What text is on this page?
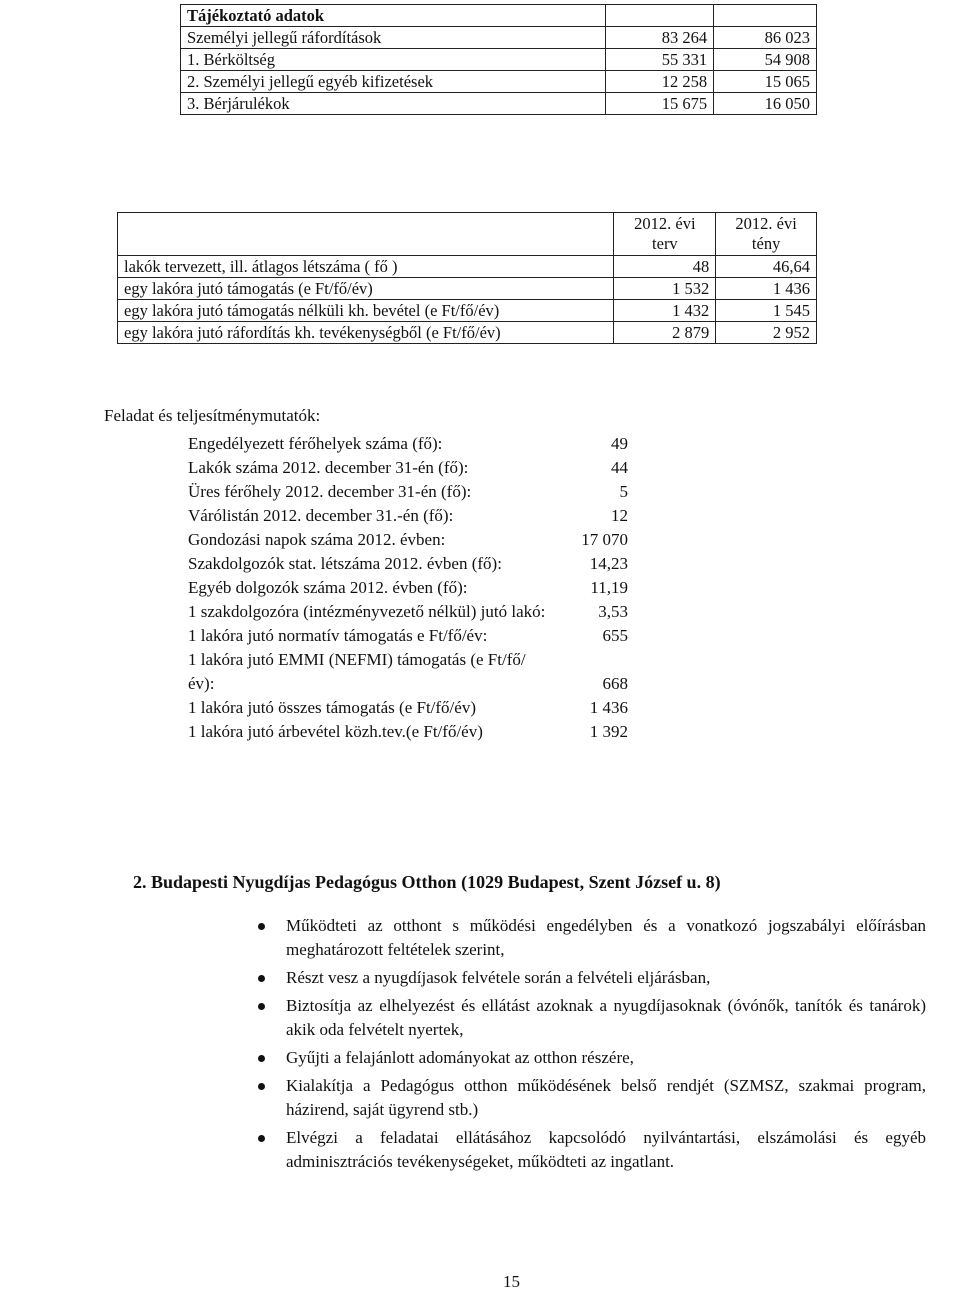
Tájékoztató adatok		
Személyi jellegű ráfordítások	83 264	86 023
1. Bérköltség	55 331	54 908
2. Személyi jellegű egyéb kifizetések	12 258	15 065
3. Bérjárulékok	15 675	16 050
	2012. évi terv	2012. évi tény
lakók tervezett, ill. átlagos létszáma ( fő )	48	46,64
egy lakóra jutó támogatás (e Ft/fő/év)	1 532	1 436
egy lakóra jutó támogatás nélküli kh. bevétel (e Ft/fő/év)	1 432	1 545
egy lakóra jutó ráfordítás kh. tevékenységből (e Ft/fő/év)	2 879	2 952
Feladat és teljesítménymutatók:
Engedélyezett férőhelyek száma (fő):	49
Lakók száma 2012. december 31-én (fő):	44
Üres férőhely 2012. december 31-én (fő):	5
Várólistán 2012. december 31.-én (fő):	12
Gondozási napok száma 2012. évben:	17 070
Szakdolgozók stat. létszáma 2012. évben (fő):	14,23
Egyéb dolgozók száma 2012. évben (fő):	11,19
1 szakdolgozóra (intézményvezető nélkül) jutó lakó:	3,53
1 lakóra jutó normatív támogatás e Ft/fő/év:	655
1 lakóra jutó EMMI (NEFMI) támogatás (e Ft/fő/év):	668
1 lakóra jutó összes támogatás (e Ft/fő/év)	1 436
1 lakóra jutó árbevétel közh.tev.(e Ft/fő/év)	1 392
2. Budapesti Nyugdíjas Pedagógus Otthon (1029 Budapest, Szent József u. 8)
Működteti az otthont s működési engedélyben és a vonatkozó jogszabályi előírásban meghatározott feltételek szerint,
Részt vesz a nyugdíjasok felvétele során a felvételi eljárásban,
Biztosítja az elhelyezést és ellátást azoknak a nyugdíjasoknak (óvónők, tanítók és tanárok) akik oda felvételt nyertek,
Gyűjti a felajánlott adományokat az otthon részére,
Kialakítja a Pedagógus otthon működésének belső rendjét (SZMSZ, szakmai program, házirend, saját ügyrend stb.)
Elvégzi a feladatai ellátásához kapcsolódó nyilvántartási, elszámolási és egyéb adminisztrációs tevékenységeket, működteti az ingatlant.
15
